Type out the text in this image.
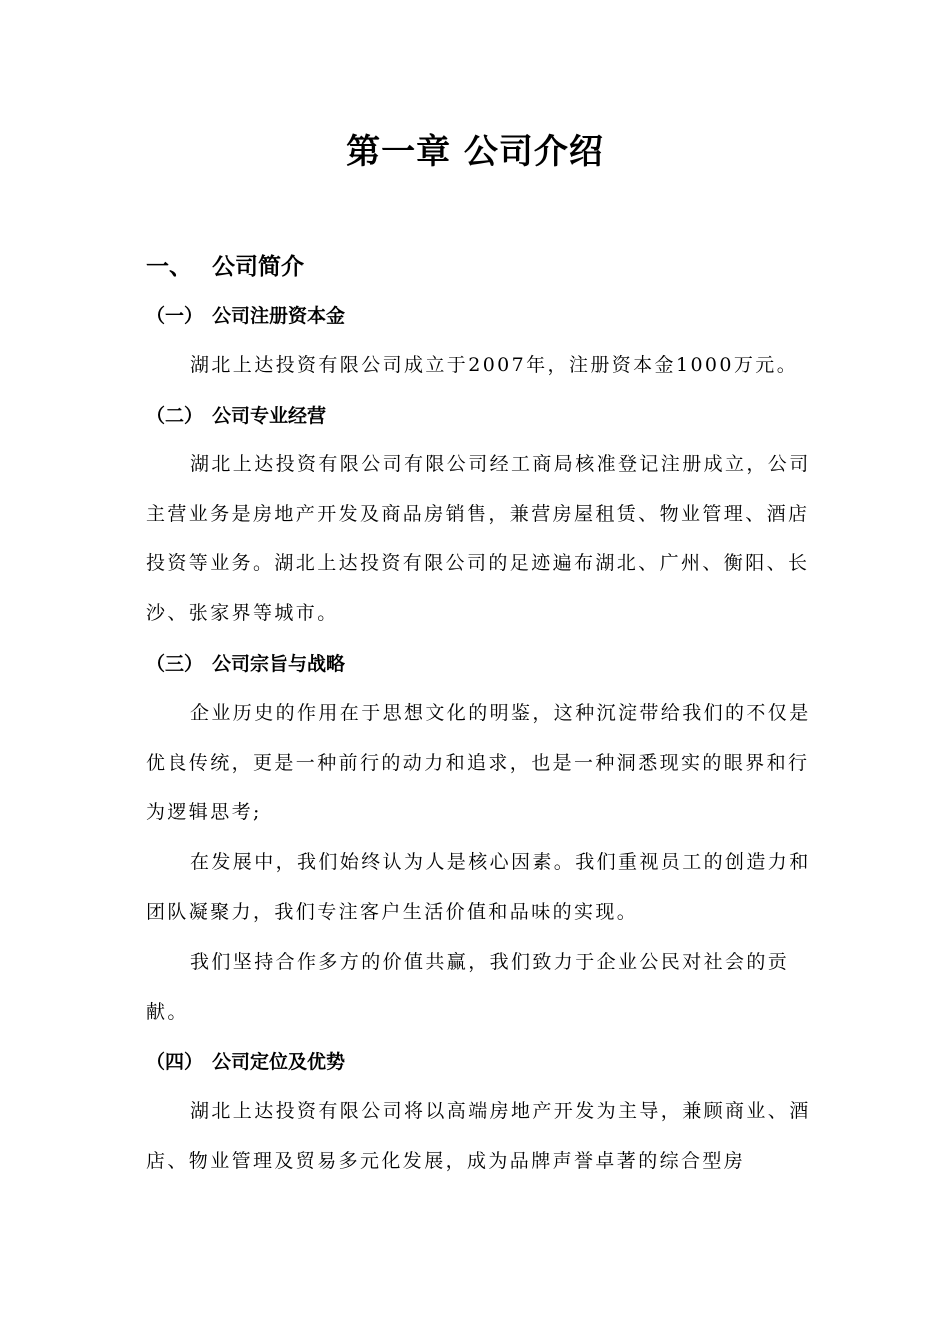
第一章 公司介绍
一、 公司简介
（一） 公司注册资本金

湖北上达投资有限公司成立于2007年，注册资本金1000万元。

（二） 公司专业经营

湖北上达投资有限公司有限公司经工商局核准登记注册成立，公司主营业务是房地产开发及商品房销售，兼营房屋租赁、物业管理、酒店投资等业务。湖北上达投资有限公司的足迹遍布湖北、广州、衡阳、长沙、张家界等城市。

（三） 公司宗旨与战略

企业历史的作用在于思想文化的明鉴，这种沉淀带给我们的不仅是优良传统，更是一种前行的动力和追求，也是一种洞悉现实的眼界和行为逻辑思考;

在发展中，我们始终认为人是核心因素。我们重视员工的创造力和团队凝聚力，我们专注客户生活价值和品味的实现。

我们坚持合作多方的价值共赢，我们致力于企业公民对社会的贡献。

（四） 公司定位及优势

湖北上达投资有限公司将以高端房地产开发为主导，兼顾商业、酒店、物业管理及贸易多元化发展，成为品牌声誉卓著的综合型房
